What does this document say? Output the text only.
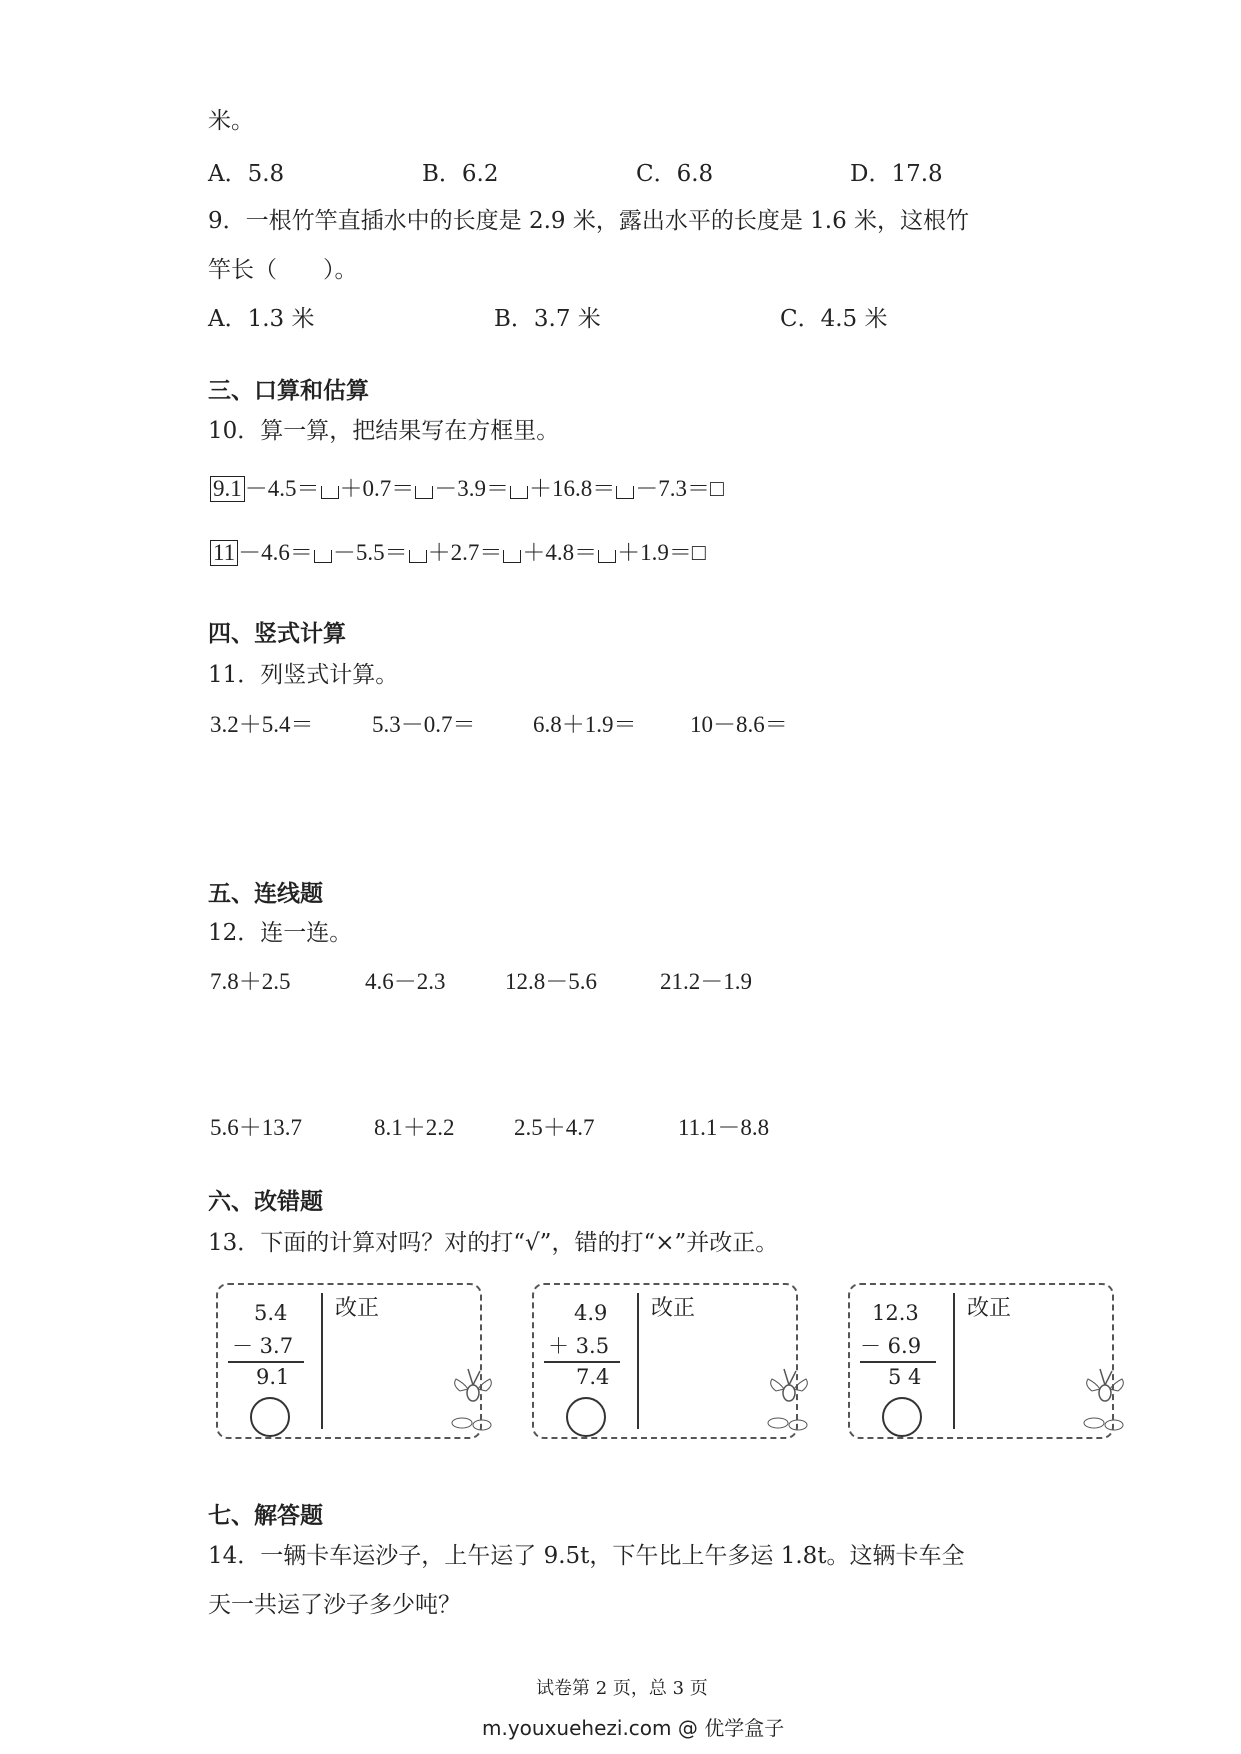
米。
A．5.8	B．6.2	C．6.8	D．17.8
9．一根竹竿直插水中的长度是 2.9 米，露出水平的长度是 1.6 米，这根竹
竿长（　　）。
A．1.3 米	B．3.7 米	C．4.5 米
三、口算和估算
10．算一算，把结果写在方框里。
9.1 －4.5＝ ＋0.7＝ －3.9＝ ＋16.8＝ －7.3＝□
11 －4.6＝ －5.5＝ ＋2.7＝ ＋4.8＝ ＋1.9＝□
四、竖式计算
11．列竖式计算。
3.2＋5.4＝	5.3－0.7＝	6.8＋1.9＝ 10－8.6＝
五、连线题
12．连一连。
7.8＋2.5	4.6－2.3	12.8－5.6	21.2－1.9
5.6＋13.7	8.1＋2.2	2.5＋4.7	11.1－8.8
六、改错题
13．下面的计算对吗？对的打“√”，错的打“×”并改正。
5.4
－ 3.7
9.1
改正	4.9
＋ 3.5
7.4
改正	12.3
－ 6.9
5 4
改正
七、解答题
14．一辆卡车运沙子，上午运了 9.5t，下午比上午多运 1.8t。这辆卡车全
天一共运了沙子多少吨？
试卷第 2 页，总 3 页
m.youxuehezi.com @ 优学盒子
